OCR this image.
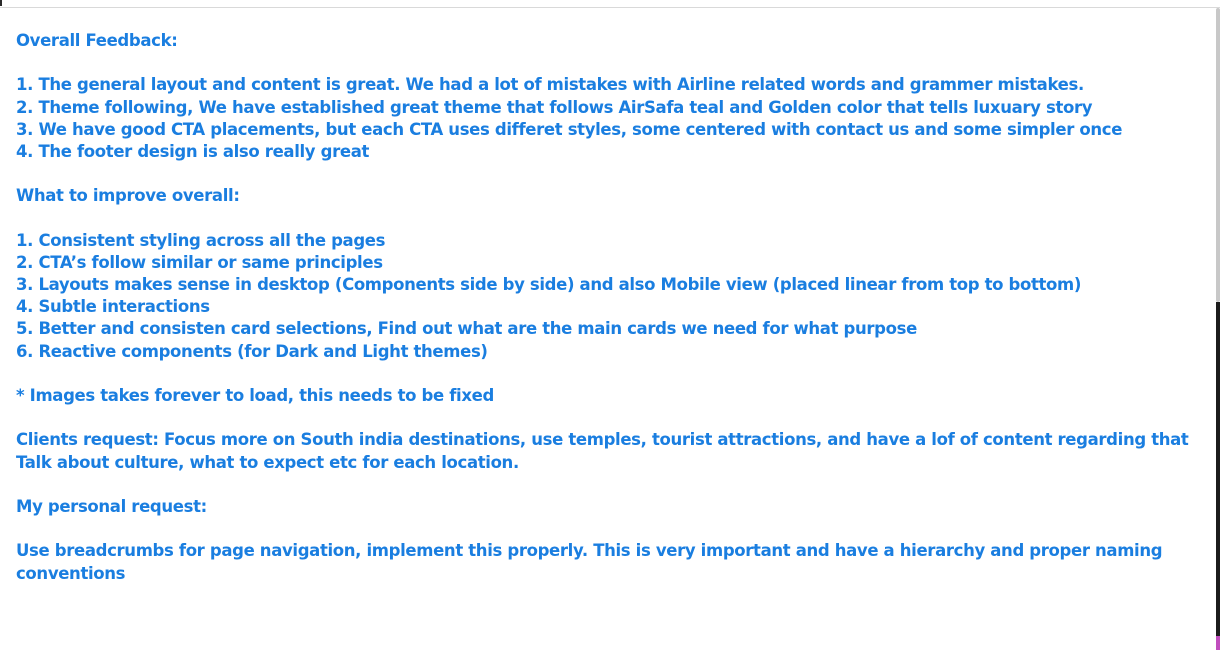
Overall Feedback:
1. The general layout and content is great. We had a lot of mistakes with Airline related words and grammer mistakes.
2. Theme following, We have established great theme that follows AirSafa teal and Golden color that tells luxuary story
3. We have good CTA placements, but each CTA uses differet styles, some centered with contact us and some simpler once
4. The footer design is also really great
What to improve overall:
1. Consistent styling across all the pages
2. CTA’s follow similar or same principles
3. Layouts makes sense in desktop (Components side by side) and also Mobile view (placed linear from top to bottom)
4. Subtle interactions
5. Better and consisten card selections, Find out what are the main cards we need for what purpose
6. Reactive components (for Dark and Light themes)
* Images takes forever to load, this needs to be fixed
Clients request: Focus more on South india destinations, use temples, tourist attractions, and have a lof of content regarding that
Talk about culture, what to expect etc for each location.
My personal request:
Use breadcrumbs for page navigation, implement this properly. This is very important and have a hierarchy and proper naming
conventions
